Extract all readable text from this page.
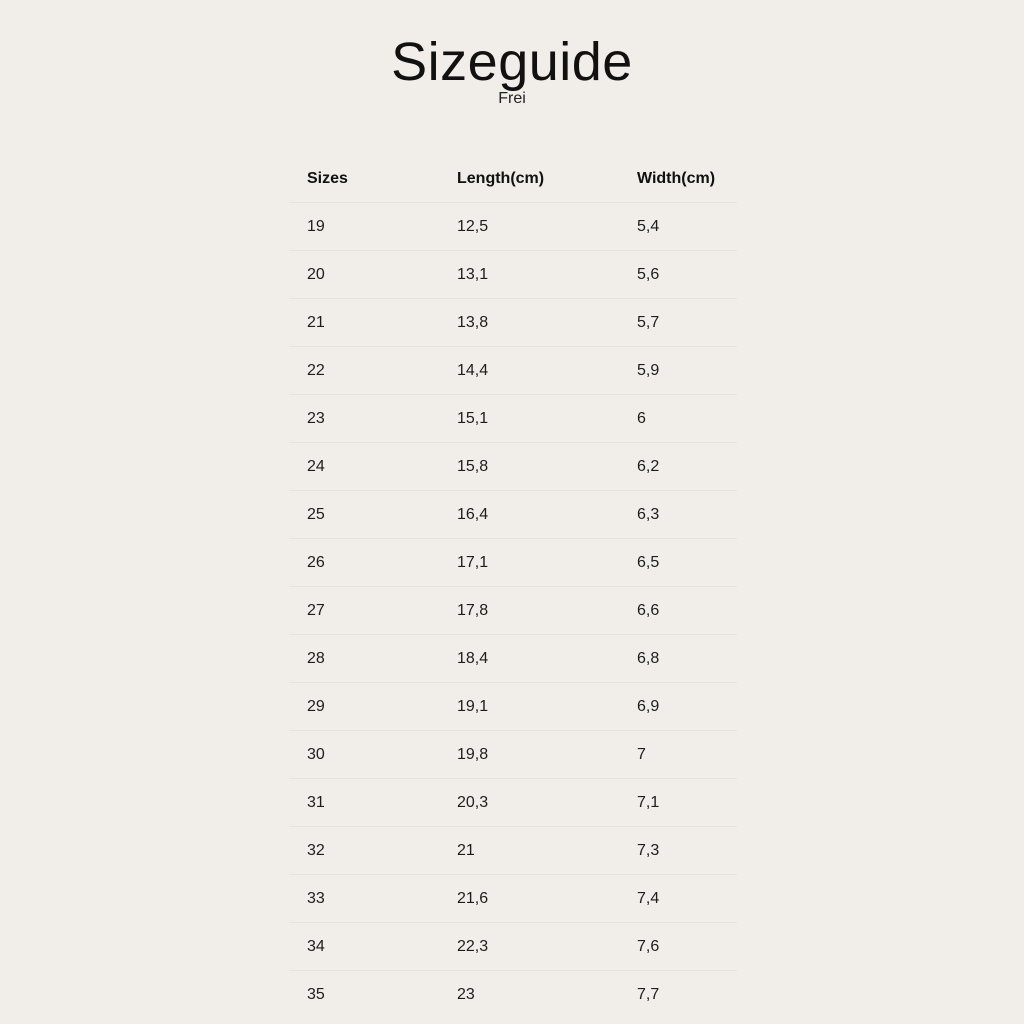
Sizeguide
Frei
Sizes	Length(cm)	Width(cm)
19	12,5	5,4
20	13,1	5,6
21	13,8	5,7
22	14,4	5,9
23	15,1	6
24	15,8	6,2
25	16,4	6,3
26	17,1	6,5
27	17,8	6,6
28	18,4	6,8
29	19,1	6,9
30	19,8	7
31	20,3	7,1
32	21	7,3
33	21,6	7,4
34	22,3	7,6
35	23	7,7
